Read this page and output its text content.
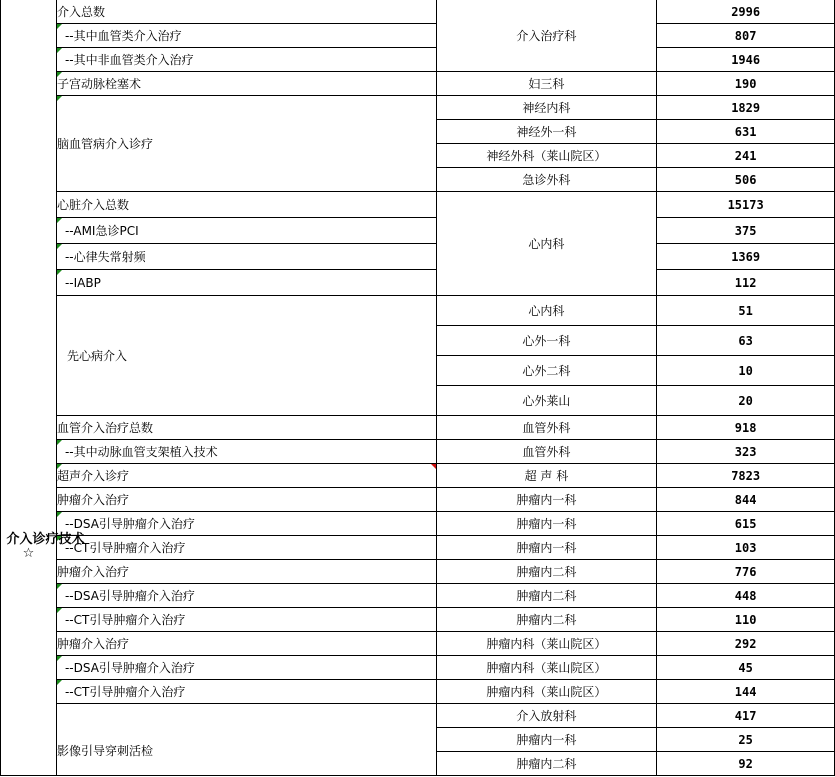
介入诊疗技术
☆	介入总数	介入治疗科	2996

--其中血管类介入治疗		807

--其中非血管类介入治疗		1946

子宫动脉栓塞术	妇三科	190

脑血管病介入诊疗	神经内科	1829
		神经外一科	631
		神经外科（莱山院区）	241
		急诊外科	506
	心脏介入总数	心内科	15173

--AMI急诊PCI		375

--心律失常射频		1369

--IABP		112
	先心病介入	心内科	51
		心外一科	63
		心外二科	10
		心外莱山	20
	血管介入治疗总数	血管外科	918

--其中动脉血管支架植入技术	血管外科	323

超声介入诊疗	超 声 科	7823
	肿瘤介入治疗	肿瘤内一科	844

--DSA引导肿瘤介入治疗	肿瘤内一科	615

--CT引导肿瘤介入治疗	肿瘤内一科	103
	肿瘤介入治疗	肿瘤内二科	776

--DSA引导肿瘤介入治疗	肿瘤内二科	448

--CT引导肿瘤介入治疗	肿瘤内二科	110
	肿瘤介入治疗	肿瘤内科（莱山院区）	292

--DSA引导肿瘤介入治疗	肿瘤内科（莱山院区）	45

--CT引导肿瘤介入治疗	肿瘤内科（莱山院区）	144
	影像引导穿刺活检	介入放射科	417
		肿瘤内一科	25
		肿瘤内二科	92
